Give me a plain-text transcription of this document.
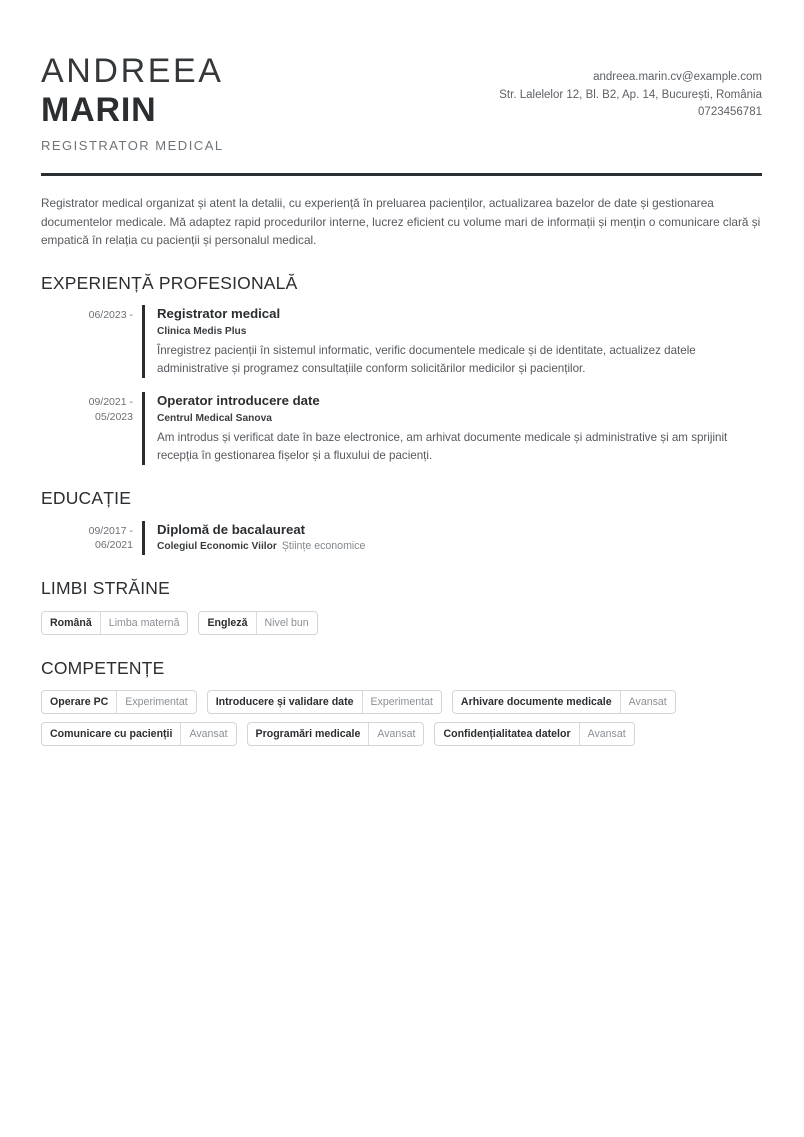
ANDREEA
MARIN
REGISTRATOR MEDICAL
andreea.marin.cv@example.com
Str. Lalelelor 12, Bl. B2, Ap. 14, București, România
0723456781
Registrator medical organizat și atent la detalii, cu experiență în preluarea pacienților, actualizarea bazelor de date și gestionarea documentelor medicale. Mă adaptez rapid procedurilor interne, lucrez eficient cu volume mari de informații și mențin o comunicare clară și empatică în relația cu pacienții și personalul medical.
EXPERIENȚĂ PROFESIONALĂ
06/2023 -	Registrator medical
Clinica Medis Plus
Înregistrez pacienții în sistemul informatic, verific documentele medicale și de identitate, actualizez datele administrative și programez consultațiile conform solicitărilor medicilor și pacienților.
09/2021 -
05/2023
Operator introducere date
Centrul Medical Sanova
Am introdus și verificat date în baze electronice, am arhivat documente medicale și administrative și am sprijinit recepția în gestionarea fișelor și a fluxului de pacienți.
EDUCAȚIE
09/2017 -
06/2021
Diplomă de bacalaureat
Colegiul Economic Viilor Științe economice
LIMBI STRĂINE
Română	Limba maternă	Engleză	Nivel bun
COMPETENȚE
Operare PC	Experimentat	Introducere și validare date	Experimentat	Arhivare documente medicale	Avansat
Comunicare cu pacienții	Avansat	Programări medicale	Avansat	Confidențialitatea datelor	Avansat
